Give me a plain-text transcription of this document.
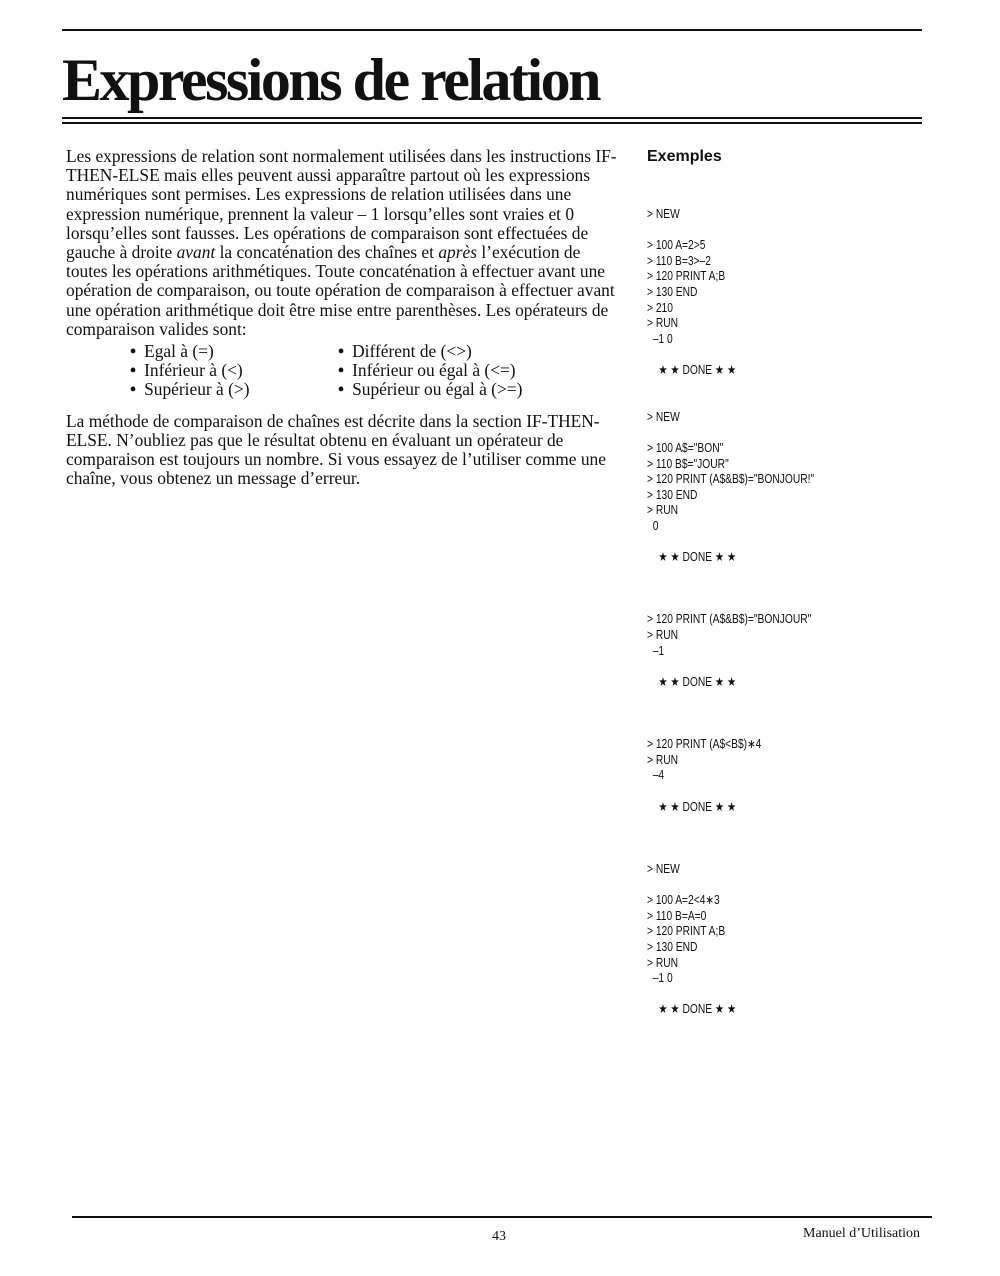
Expressions de relation

Les expressions de relation sont normalement utilisées dans les instructions IF-THEN-ELSE mais elles peuvent aussi apparaître partout où les expressions numériques sont permises. Les expressions de relation utilisées dans une expression numérique, prennent la valeur – 1 lorsqu’elles sont vraies et 0 lorsqu’elles sont fausses. Les opérations de comparaison sont effectuées de gauche à droite avant la concaténation des chaînes et après l’exécution de toutes les opérations arithmétiques. Toute concaténation à effectuer avant une opération de comparaison, ou toute opération de comparaison à effectuer avant une opération arithmétique doit être mise entre parenthèses. Les opérateurs de comparaison valides sont:

• Egal à (=)
• Inférieur à (<)
• Supérieur à (>)
• Différent de (<>)
• Inférieur ou égal à (<=)
• Supérieur ou égal à (>=)

La méthode de comparaison de chaînes est décrite dans la section IF-THEN-ELSE. N’oubliez pas que le résultat obtenu en évaluant un opérateur de comparaison est toujours un nombre. Si vous essayez de l’utiliser comme une chaîne, vous obtenez un message d’erreur.

Exemples
> NEW
> 100 A=2>5
> 110 B=3>–2
> 120 PRINT A;B
> 130 END
> 210
> RUN
–1 0
★ ★ DONE ★ ★
> NEW
> 100 A$="BON"
> 110 B$="JOUR"
> 120 PRINT (A$&B$)="BONJOUR!"
> 130 END
> RUN
0
★ ★ DONE ★ ★
> 120 PRINT (A$&B$)="BONJOUR"
> RUN
–1
★ ★ DONE ★ ★
> 120 PRINT (A$<B$)∗4
> RUN
–4
★ ★ DONE ★ ★
> NEW
> 100 A=2<4∗3
> 110 B=A=0
> 120 PRINT A;B
> 130 END
> RUN
–1 0
★ ★ DONE ★ ★
43	Manuel d’Utilisation
